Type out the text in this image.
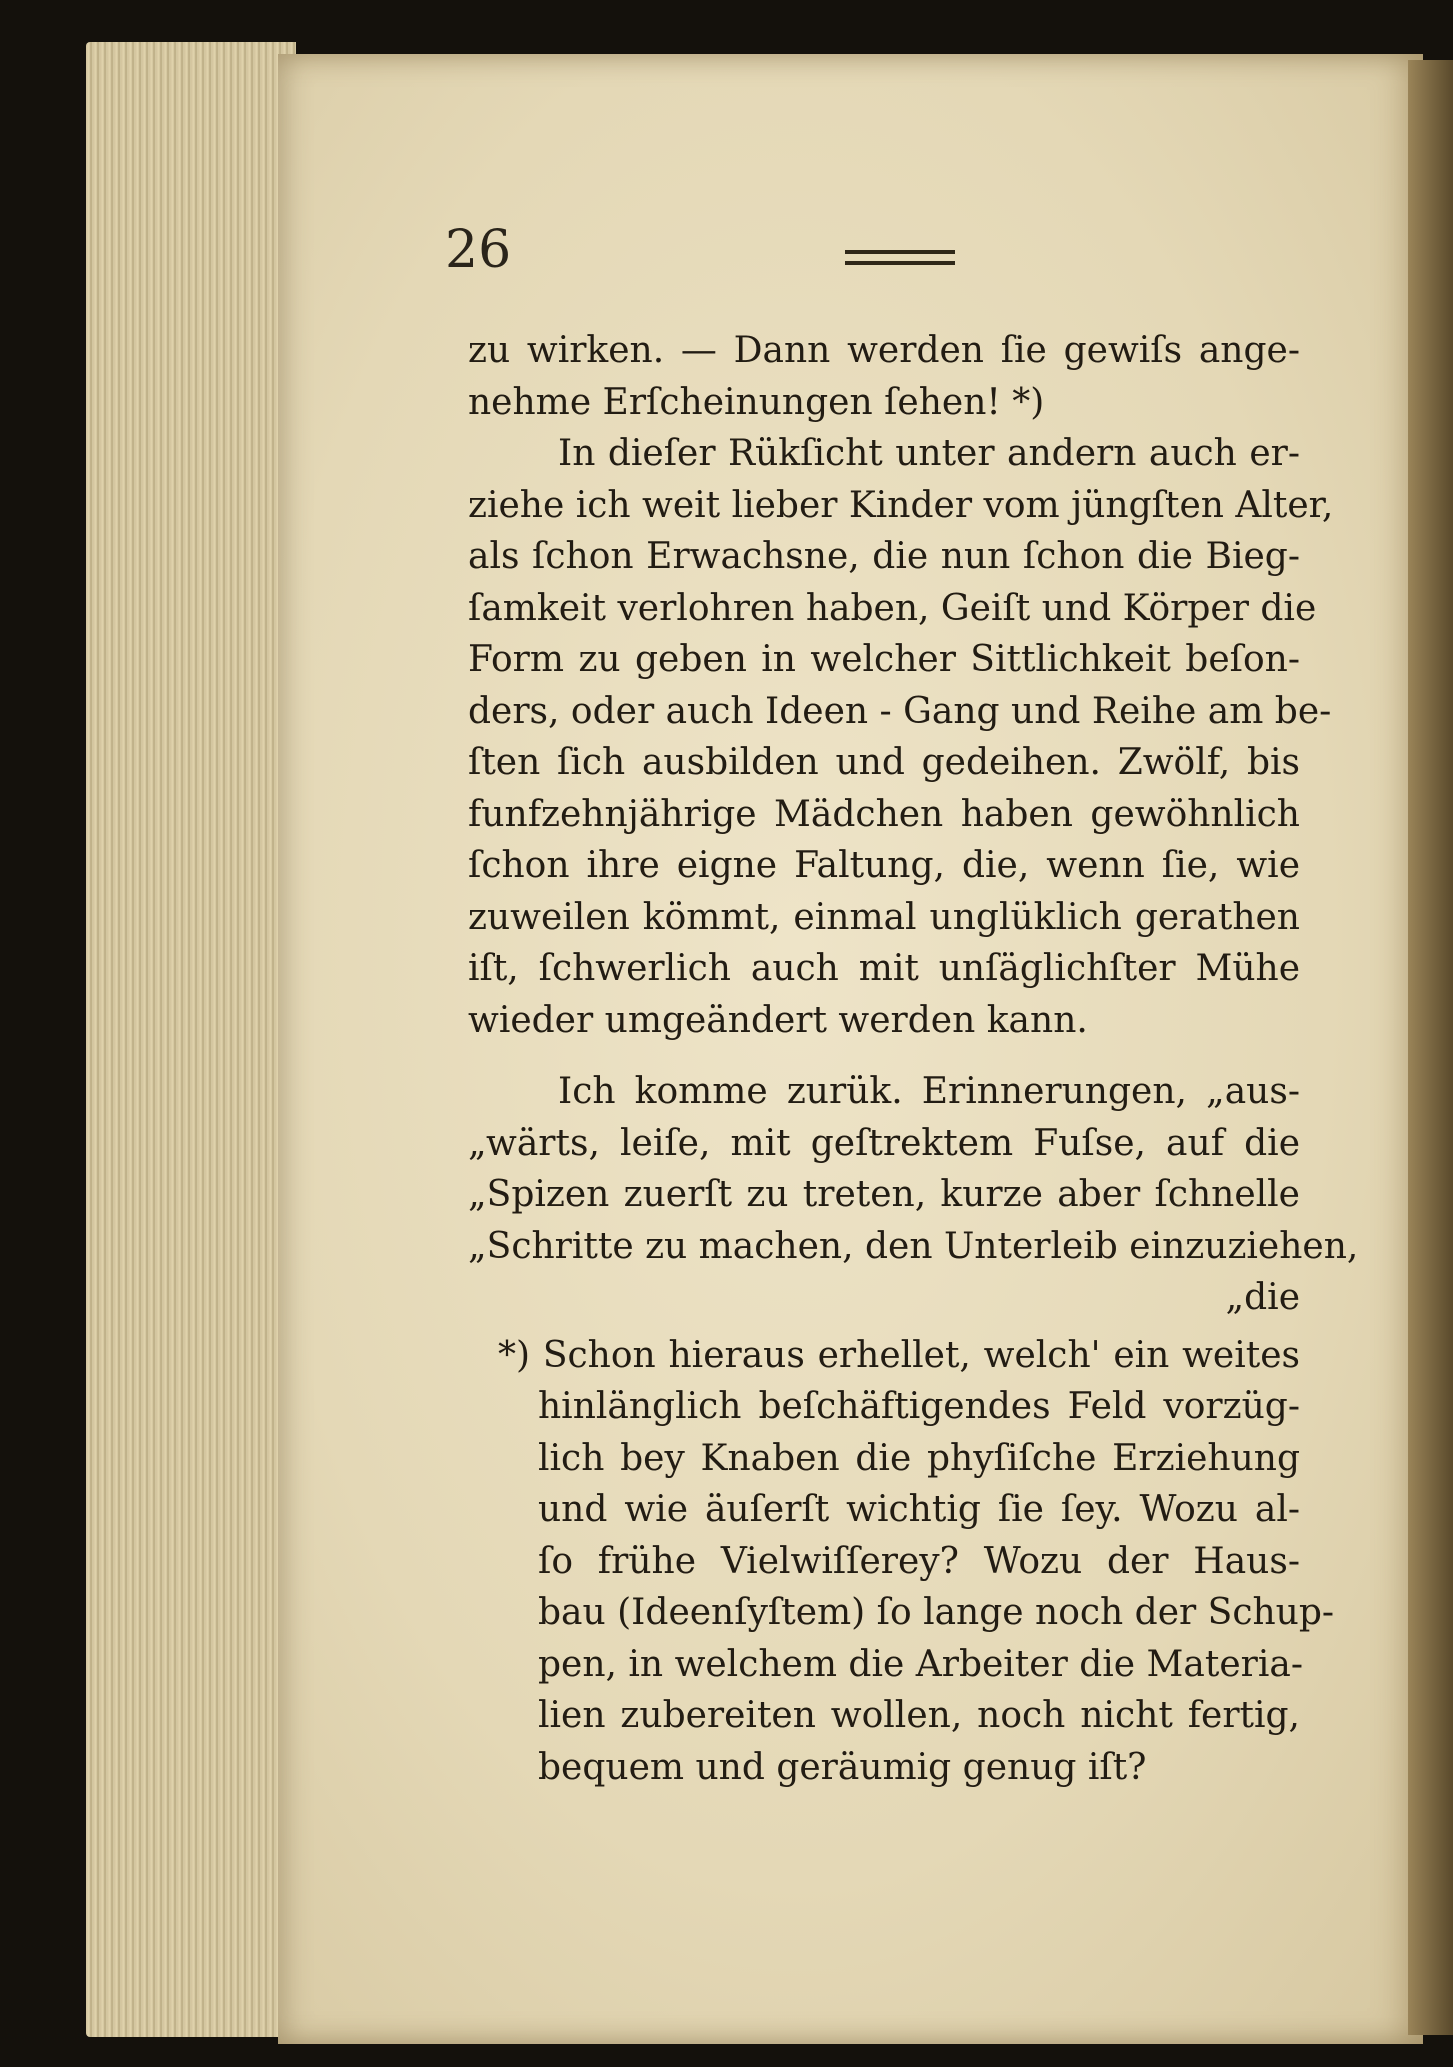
26
zu wirken. — Dann werden ſie gewiſs ange-
nehme Erſcheinungen ſehen! *)
In dieſer Rükſicht unter andern auch er-
ziehe ich weit lieber Kinder vom jüngſten Alter,
als ſchon Erwachsne, die nun ſchon die Bieg-
ſamkeit verlohren haben, Geiſt und Körper die
Form zu geben in welcher Sittlichkeit beſon-
ders, oder auch Ideen - Gang und Reihe am be-
ſten ſich ausbilden und gedeihen. Zwölf, bis
funfzehnjährige Mädchen haben gewöhnlich
ſchon ihre eigne Faltung, die, wenn ſie, wie
zuweilen kömmt, einmal unglüklich gerathen
iſt, ſchwerlich auch mit unſäglichſter Mühe
wieder umgeändert werden kann.
Ich komme zurük. Erinnerungen, „aus-
„wärts, leiſe, mit geſtrektem Fuſse, auf die
„Spizen zuerſt zu treten, kurze aber ſchnelle
„Schritte zu machen, den Unterleib einzuziehen,
„die
*) Schon hieraus erhellet, welch' ein weites
hinlänglich beſchäftigendes Feld vorzüg-
lich bey Knaben die phyſiſche Erziehung
und wie äuſerſt wichtig ſie ſey. Wozu al-
ſo frühe Vielwiſſerey? Wozu der Haus-
bau (Ideenſyſtem) ſo lange noch der Schup-
pen, in welchem die Arbeiter die Materia-
lien zubereiten wollen, noch nicht fertig,
bequem und geräumig genug iſt?
